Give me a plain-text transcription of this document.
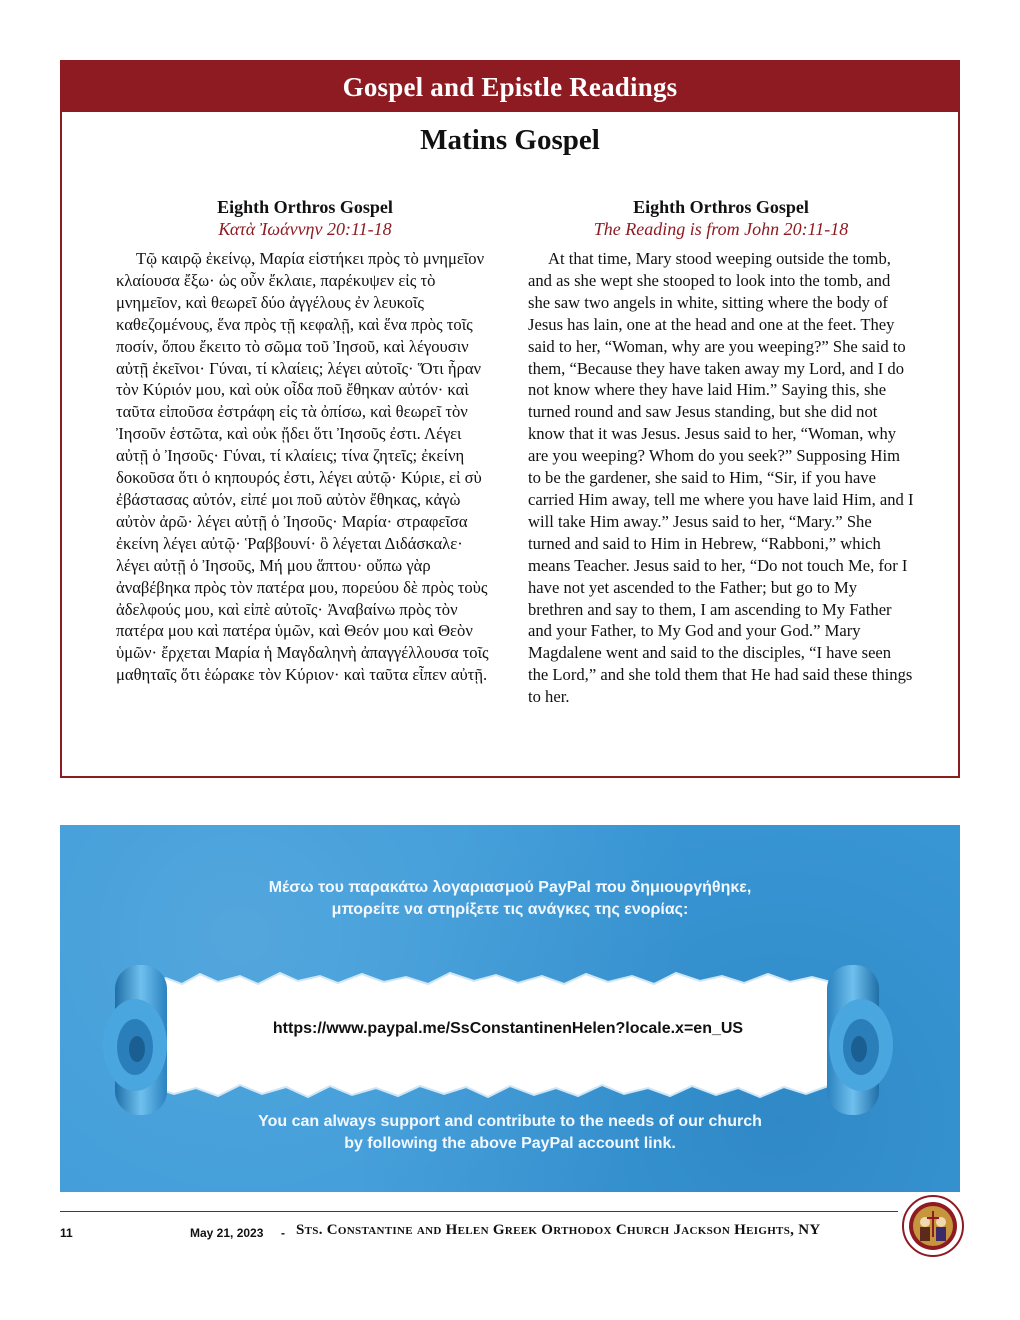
Gospel and Epistle Readings
Matins Gospel
Eighth Orthros Gospel
Κατὰ Ἰωάννην 20:11-18

Τῷ καιρῷ ἐκείνῳ, Μαρία εἱστήκει πρὸς τὸ μνημεῖον κλαίουσα ἔξω· ὡς οὖν ἔκλαιε, παρέκυψεν εἰς τὸ μνημεῖον, καὶ θεωρεῖ δύο ἀγγέλους ἐν λευκοῖς καθεζομένους, ἕνα πρὸς τῇ κεφαλῇ, καὶ ἕνα πρὸς τοῖς ποσίν, ὅπου ἔκειτο τὸ σῶμα τοῦ Ἰησοῦ, καὶ λέγουσιν αὐτῇ ἐκεῖνοι· Γύναι, τί κλαίεις; λέγει αὐτοῖς· Ὅτι ἦραν τὸν Κύριόν μου, καὶ οὐκ οἶδα ποῦ ἔθηκαν αὐτόν· καὶ ταῦτα εἰποῦσα ἐστράφη εἰς τὰ ὀπίσω, καὶ θεωρεῖ τὸν Ἰησοῦν ἑστῶτα, καὶ οὐκ ᾔδει ὅτι Ἰησοῦς ἐστι. Λέγει αὐτῇ ὁ Ἰησοῦς· Γύναι, τί κλαίεις; τίνα ζητεῖς; ἐκείνη δοκοῦσα ὅτι ὁ κηπουρός ἐστι, λέγει αὐτῷ· Κύριε, εἰ σὺ ἐβάστασας αὐτόν, εἰπέ μοι ποῦ αὐτὸν ἔθηκας, κἀγὼ αὐτὸν ἀρῶ· λέγει αὐτῇ ὁ Ἰησοῦς· Μαρία· στραφεῖσα ἐκείνη λέγει αὐτῷ· Ῥαββουνί· ὃ λέγεται Διδάσκαλε· λέγει αὐτῇ ὁ Ἰησοῦς, Μή μου ἅπτου· οὔπω γὰρ ἀναβέβηκα πρὸς τὸν πατέρα μου, πορεύου δὲ πρὸς τοὺς ἀδελφούς μου, καὶ εἰπὲ αὐτοῖς· Ἀναβαίνω πρὸς τὸν πατέρα μου καὶ πατέρα ὑμῶν, καὶ Θεόν μου καὶ Θεὸν ὑμῶν· ἔρχεται Μαρία ἡ Μαγδαληνὴ ἀπαγγέλλουσα τοῖς μαθηταῖς ὅτι ἑώρακε τὸν Κύριον· καὶ ταῦτα εἶπεν αὐτῇ.

Eighth Orthros Gospel
The Reading is from John 20:11-18

At that time, Mary stood weeping outside the tomb, and as she wept she stooped to look into the tomb, and she saw two angels in white, sitting where the body of Jesus has lain, one at the head and one at the feet. They said to her, “Woman, why are you weeping?” She said to them, “Because they have taken away my Lord, and I do not know where they have laid Him.” Saying this, she turned round and saw Jesus standing, but she did not know that it was Jesus. Jesus said to her, “Woman, why are you weeping? Whom do you seek?” Supposing Him to be the gardener, she said to Him, “Sir, if you have carried Him away, tell me where you have laid Him, and I will take Him away.” Jesus said to her, “Mary.” She turned and said to Him in Hebrew, “Rabboni,” which means Teacher. Jesus said to her, “Do not touch Me, for I have not yet ascended to the Father; but go to My brethren and say to them, I am ascending to My Father and your Father, to My God and your God.” Mary Magdalene went and said to the disciples, “I have seen the Lord,” and she told them that He had said these things to her.

Μέσω του παρακάτω λογαριασμού PayPal που δημιουργήθηκε,
μπορείτε να στηρίξετε τις ανάγκες της ενορίας:
https://www.paypal.me/SsConstantinenHelen?locale.x=en_US
You can always support and contribute to the needs of our church
by following the above PayPal account link.
11	May 21, 2023 - Sts. Constantine and Helen Greek Orthodox Church Jackson Heights, NY
